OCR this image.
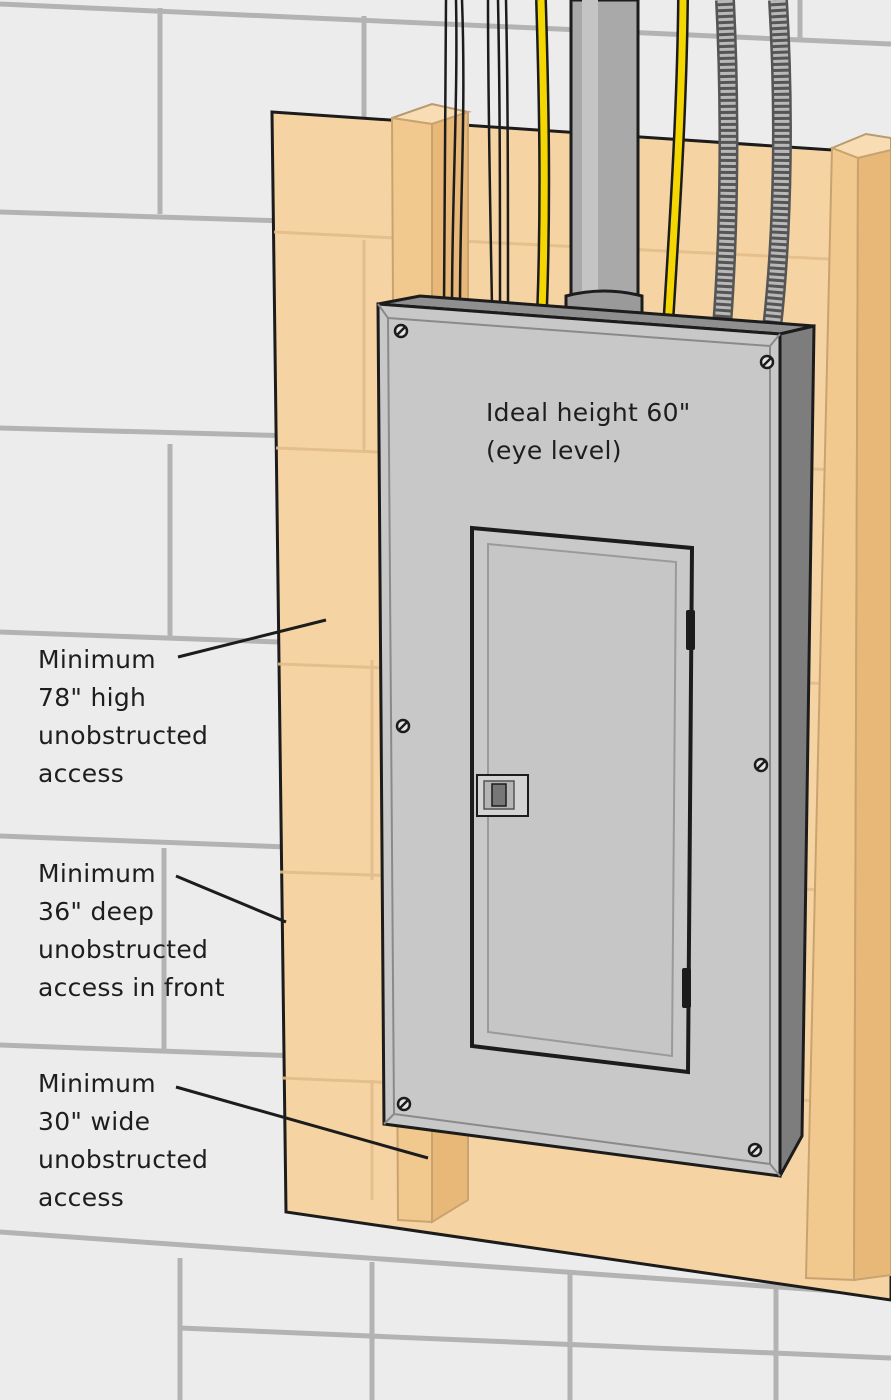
Ideal height 60"
(eye level)
Minimum
78" high
unobstructed
access
Minimum
36" deep
unobstructed
access in front
Minimum
30" wide
unobstructed
access
